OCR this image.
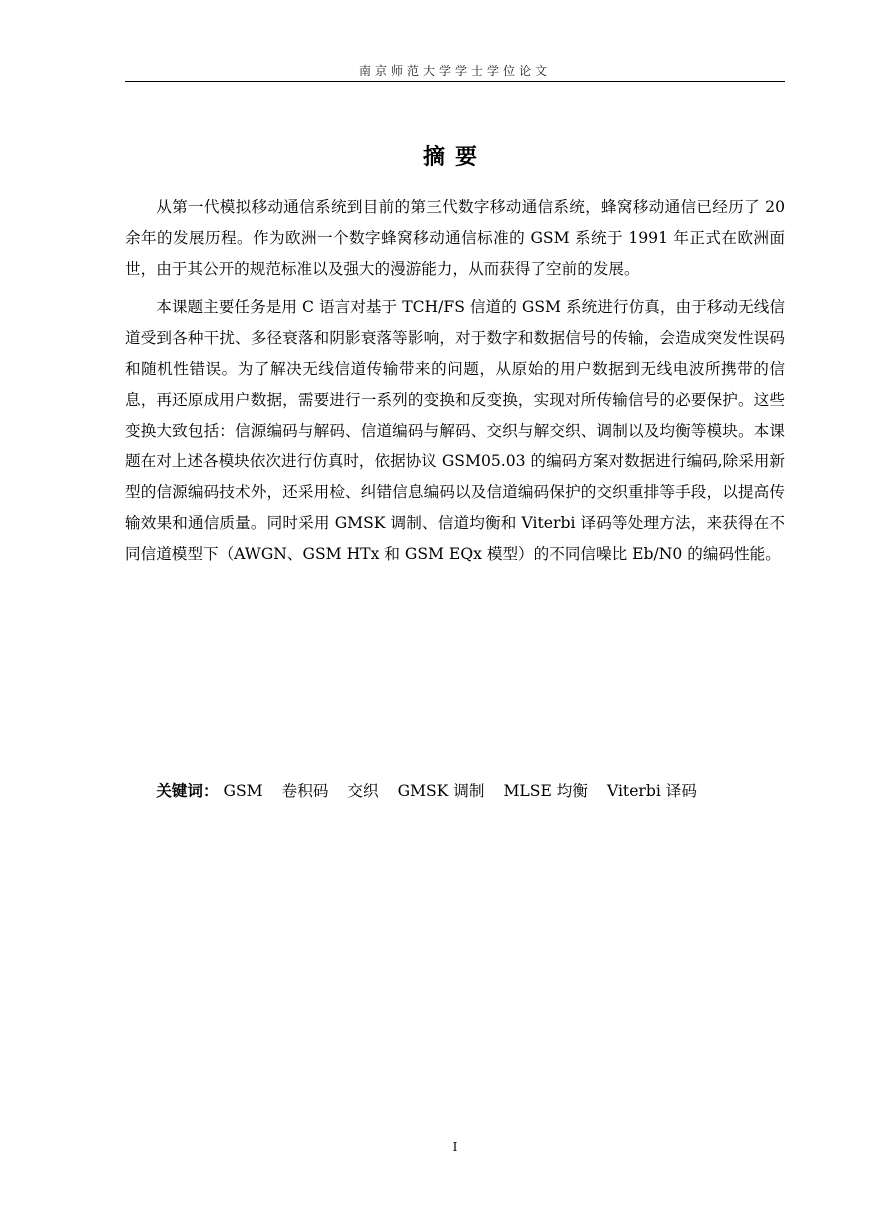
南京师范大学学士学位论文
摘要

从第一代模拟移动通信系统到目前的第三代数字移动通信系统，蜂窝移动通信已经历了 20 余年的发展历程。作为欧洲一个数字蜂窝移动通信标准的 GSM 系统于 1991 年正式在欧洲面世，由于其公开的规范标准以及强大的漫游能力，从而获得了空前的发展。

本课题主要任务是用 C 语言对基于 TCH/FS 信道的 GSM 系统进行仿真，由于移动无线信道受到各种干扰、多径衰落和阴影衰落等影响，对于数字和数据信号的传输，会造成突发性误码和随机性错误。为了解决无线信道传输带来的问题，从原始的用户数据到无线电波所携带的信息，再还原成用户数据，需要进行一系列的变换和反变换，实现对所传输信号的必要保护。这些变换大致包括：信源编码与解码、信道编码与解码、交织与解交织、调制以及均衡等模块。本课题在对上述各模块依次进行仿真时，依据协议 GSM05.03 的编码方案对数据进行编码,除采用新型的信源编码技术外，还采用检、纠错信息编码以及信道编码保护的交织重排等手段，以提高传输效果和通信质量。同时采用 GMSK 调制、信道均衡和 Viterbi 译码等处理方法，来获得在不同信道模型下（AWGN、GSM HTx 和 GSM EQx 模型）的不同信噪比 Eb/N0 的编码性能。

关键词： GSM 卷积码 交织 GMSK 调制 MLSE 均衡 Viterbi 译码
I
